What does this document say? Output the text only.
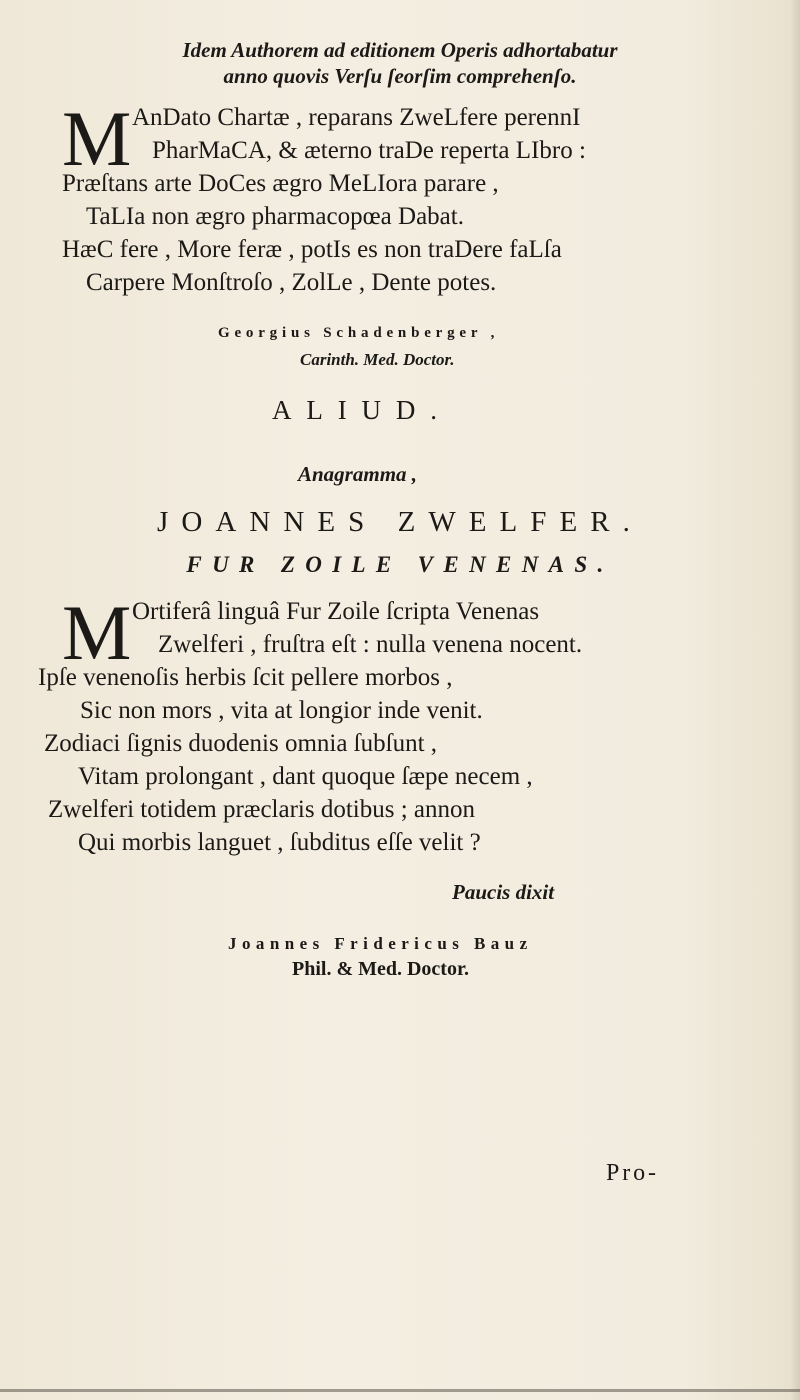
Idem Authorem ad editionem Operis adhortabatur
anno quovis Verſu ſeorſim comprehenſo.
M AnDato Chartæ , reparans ZweLfere perennI
PharMaCA, & æterno traDe reperta LIbro :
Præſtans arte DoCes ægro MeLIora parare ,
TaLIa non ægro pharmacopœa Dabat.
HæC fere , More feræ , potIs es non traDere faLſa
Carpere Monſtroſo , ZolLe , Dente potes.
Georgius Schadenberger ,
Carinth. Med. Doctor.
ALIUD.
Anagramma ,
JOANNES ZWELFER.
FUR ZOILE VENENAS.
M Ortiferâ linguâ Fur Zoile ſcripta Venenas
Zwelferi , fruſtra eſt : nulla venena nocent.
Ipſe venenoſis herbis ſcit pellere morbos ,
Sic non mors , vita at longior inde venit.
Zodiaci ſignis duodenis omnia ſubſunt ,
Vitam prolongant , dant quoque ſæpe necem ,
Zwelferi totidem præclaris dotibus ; annon
Qui morbis languet , ſubditus eſſe velit ?
Paucis dixit
Joannes Fridericus Bauz
Phil. & Med. Doctor.
Pro-
